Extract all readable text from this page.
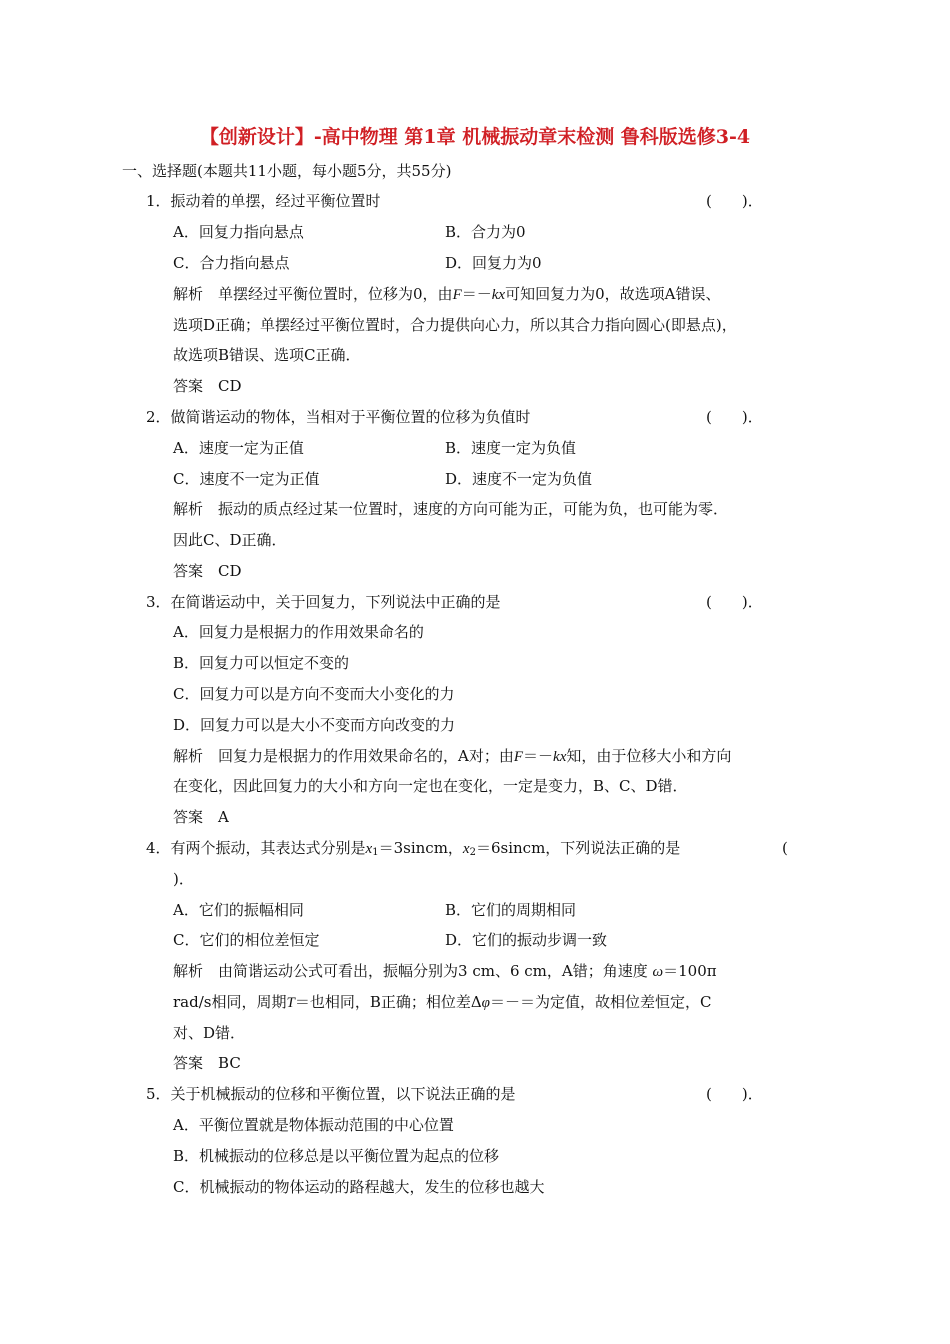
【创新设计】-高中物理 第1章 机械振动章末检测 鲁科版选修3-4
一、选择题(本题共11小题，每小题5分，共55分)
1．振动着的单摆，经过平衡位置时	(　　)．
A．回复力指向悬点	B．合力为0
C．合力指向悬点	D．回复力为0
解析  单摆经过平衡位置时，位移为0，由F＝－kx可知回复力为0，故选项A错误、
选项D正确；单摆经过平衡位置时，合力提供向心力，所以其合力指向圆心(即悬点)，
故选项B错误、选项C正确．
答案  CD
2．做简谐运动的物体，当相对于平衡位置的位移为负值时	(　　)．
A．速度一定为正值	B．速度一定为负值
C．速度不一定为正值	D．速度不一定为负值
解析  振动的质点经过某一位置时，速度的方向可能为正，可能为负，也可能为零．
因此C、D正确．
答案  CD
3．在简谐运动中，关于回复力，下列说法中正确的是	(　　)．
A．回复力是根据力的作用效果命名的
B．回复力可以恒定不变的
C．回复力可以是方向不变而大小变化的力
D．回复力可以是大小不变而方向改变的力
解析  回复力是根据力的作用效果命名的，A对；由F＝－kx知，由于位移大小和方向
在变化，因此回复力的大小和方向一定也在变化，一定是变力，B、C、D错．
答案  A
4．有两个振动，其表达式分别是$x_1=3sincm$，$x_2=6sincm$，下列说法正确的是	(
)．
A．它们的振幅相同	B．它们的周期相同
C．它们的相位差恒定	D．它们的振动步调一致
解析  由简谐运动公式可看出，振幅分别为3 cm、6 cm，A错；角速度 ω＝100π
rad/s相同，周期T＝也相同，B正确；相位差Δφ＝－＝为定值，故相位差恒定，C
对、D错．
答案  BC
5．关于机械振动的位移和平衡位置，以下说法正确的是	(　　)．
A．平衡位置就是物体振动范围的中心位置
B．机械振动的位移总是以平衡位置为起点的位移
C．机械振动的物体运动的路程越大，发生的位移也越大
